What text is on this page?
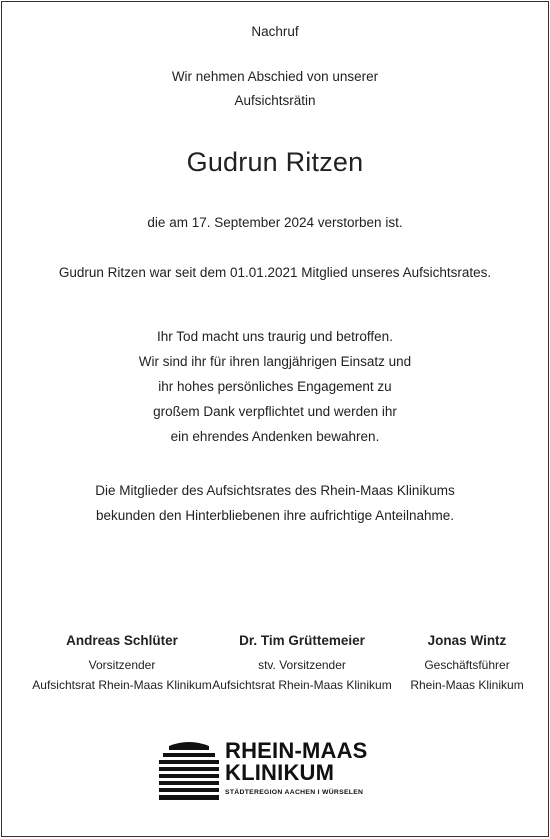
Nachruf
Wir nehmen Abschied von unserer
Aufsichtsrätin
Gudrun Ritzen
die am 17. September 2024 verstorben ist.
Gudrun Ritzen war seit dem 01.01.2021 Mitglied unseres Aufsichtsrates.
Ihr Tod macht uns traurig und betroffen.
Wir sind ihr für ihren langjährigen Einsatz und
ihr hohes persönliches Engagement zu
großem Dank verpflichtet und werden ihr
ein ehrendes Andenken bewahren.
Die Mitglieder des Aufsichtsrates des Rhein-Maas Klinikums
bekunden den Hinterbliebenen ihre aufrichtige Anteilnahme.
Andreas Schlüter
Vorsitzender
Aufsichtsrat Rhein-Maas Klinikum
Dr. Tim Grüttemeier
stv. Vorsitzender
Aufsichtsrat Rhein-Maas Klinikum
Jonas Wintz
Geschäftsführer
Rhein-Maas Klinikum
RHEIN-MAAS
KLINIKUM
STÄDTEREGION AACHEN I WÜRSELEN
